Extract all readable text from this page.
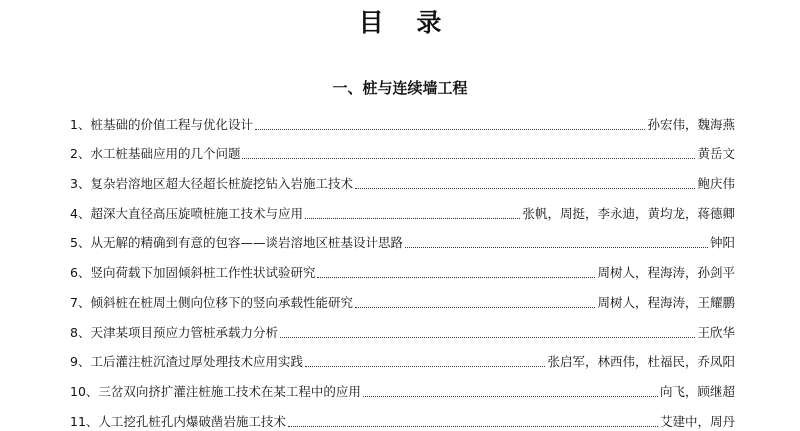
目 录
一、桩与连续墙工程
1、桩基础的价值工程与优化设计	孙宏伟，魏海燕
2、水工桩基础应用的几个问题	黄岳文
3、复杂岩溶地区超大径超长桩旋挖钻入岩施工技术	鲍庆伟
4、超深大直径高压旋喷桩施工技术与应用	张帆，周挺，李永迪，黄均龙，蒋德卿
5、从无解的精确到有意的包容——谈岩溶地区桩基设计思路	钟阳
6、竖向荷载下加固倾斜桩工作性状试验研究	周树人，程海涛，孙剑平
7、倾斜桩在桩周土侧向位移下的竖向承载性能研究	周树人，程海涛，王耀鹏
8、天津某项目预应力管桩承载力分析	王欣华
9、工后灌注桩沉渣过厚处理技术应用实践	张启军，林西伟，杜福民，乔凤阳
10、三岔双向挤扩灌注桩施工技术在某工程中的应用	向飞，顾继超
11、人工挖孔桩孔内爆破凿岩施工技术	艾建中，周丹
